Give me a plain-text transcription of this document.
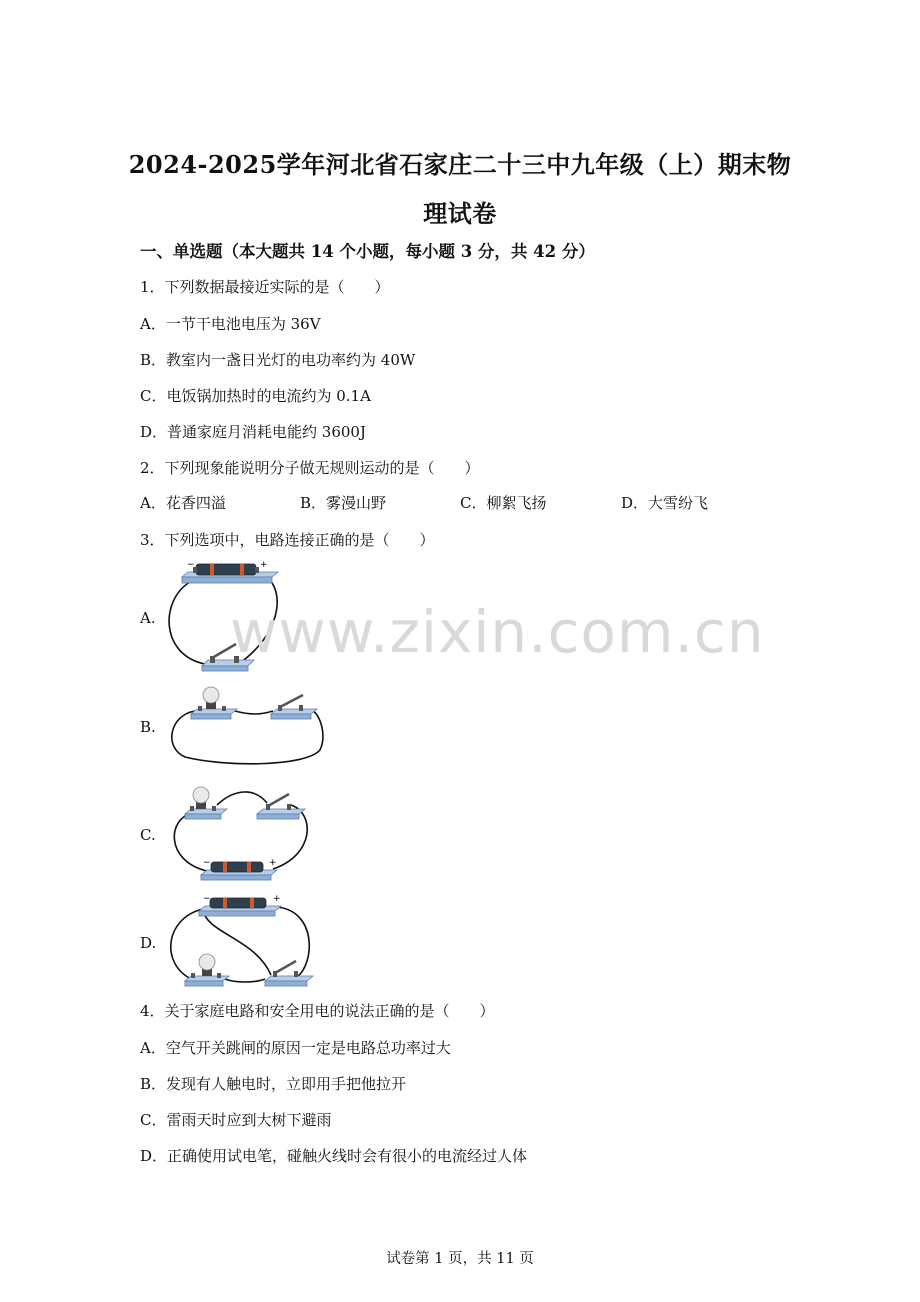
2024-2025学年河北省石家庄二十三中九年级（上）期末物
理试卷
一、单选题（本大题共 14 个小题，每小题 3 分，共 42 分）
1．下列数据最接近实际的是（　　）
A．一节干电池电压为 36V
B．教室内一盏日光灯的电功率约为 40W
C．电饭锅加热时的电流约为 0.1A
D．普通家庭月消耗电能约 3600J
2．下列现象能说明分子做无规则运动的是（　　）
A．花香四溢	B．雾漫山野	C．柳絮飞扬	D．大雪纷飞
3．下列选项中，电路连接正确的是（　　）
A.
B.
C.
D.
−	+
−	+
−	+
www.zixin.com.cn
4．关于家庭电路和安全用电的说法正确的是（　　）
A．空气开关跳闸的原因一定是电路总功率过大
B．发现有人触电时，立即用手把他拉开
C．雷雨天时应到大树下避雨
D．正确使用试电笔，碰触火线时会有很小的电流经过人体
试卷第 1 页，共 11 页
